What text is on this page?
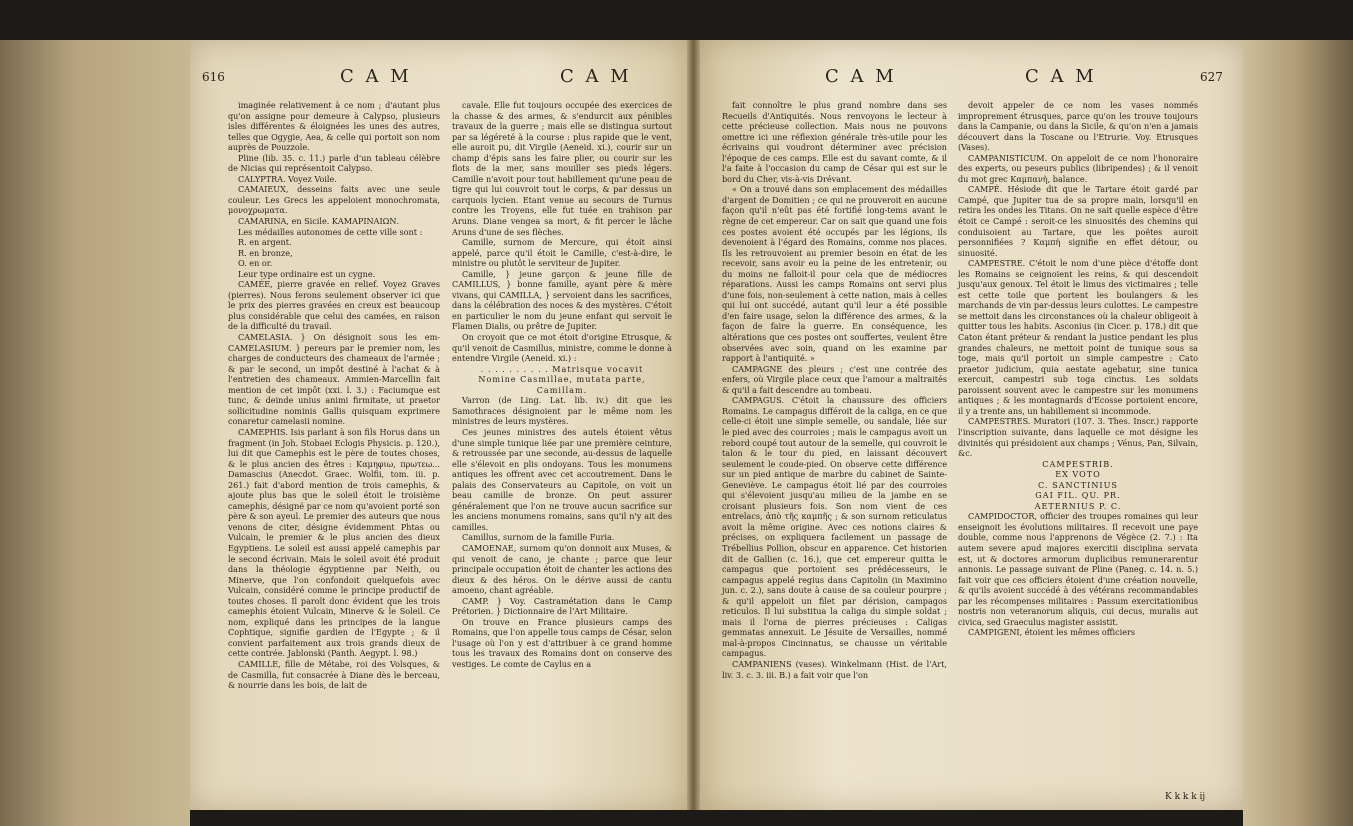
616	C A M	C A M

imaginée relativement à ce nom ; d'autant plus qu'on assigne pour demeure à Calypso, plusieurs isles différentes & éloignées les unes des autres, telles que Ogygie, Aea, & celle qui portoit son nom auprès de Pouzzole.

Pline (lib. 35. c. 11.) parle d'un tableau célèbre de Nicias qui représentoit Calypso.

CALYPTRA. Voyez Voile.

CAMAIEUX, desseins faits avec une seule couleur. Les Grecs les appeloient monochromata, μονοχρωματα.

CAMARINA, en Sicile. ΚΑΜΑΡΙΝΑΙΩΝ.

Les médailles autonomes de cette ville sont :

R. en argent.

R. en bronze,

O. en or.

Leur type ordinaire est un cygne.

CAMÉE, pierre gravée en relief. Voyez Graves (pierres). Nous ferons seulement observer ici que le prix des pierres gravées en creux est beaucoup plus considérable que celui des camées, en raison de la difficulté du travail.

CAMELASIA. } On désignoit sous les em-CAMELASIUM. } pereurs par le premier nom, les charges de conducteurs des chameaux de l'armée ; & par le second, un impôt destiné à l'achat & à l'entretien des chameaux. Ammien-Marcellin fait mention de cet impôt (xxi. l. 3.) : Faciumque est tunc, & deinde unius animi firmitate, ut praetor sollicitudine nominis Gallis quisquam exprimere conaretur camelasii nomine.

CAMEPHIS. Isis parlant à son fils Horus dans un fragment (in Joh. Stobaei Eclogis Physicis. p. 120.), lui dit que Camephis est le père de toutes choses, & le plus ancien des êtres : Καμηφιω, πρωτεω... Damascius (Anecdot. Graec. Wolfii, tom. iii. p. 261.) fait d'abord mention de trois camephis, & ajoute plus bas que le soleil étoit le troisième camephis, désigné par ce nom qu'avoient porté son père & son ayeul. Le premier des auteurs que nous venons de citer, désigne évidemment Phtas ou Vulcain, le premier & le plus ancien des dieux Egyptiens. Le soleil est aussi appelé camephis par le second écrivain. Mais le soleil avoit été produit dans la théologie égyptienne par Neith, ou Minerve, que l'on confondoit quelquefois avec Vulcain, considéré comme le principe productif de toutes choses. Il paroît donc évident que les trois camephis étoient Vulcain, Minerve & le Soleil. Ce nom, expliqué dans les principes de la langue Cophtique, signifie gardien de l'Egypte ; & il convient parfaitement aux trois grands dieux de cette contrée. Jablonski (Panth. Aegypt. l. 98.)

CAMILLE, fille de Métabe, roi des Volsques, & de Casmilla, fut consacrée à Diane dès le berceau, & nourrie dans les bois, de lait de

cavale. Elle fut toujours occupée des exercices de la chasse & des armes, & s'endurcit aux pénibles travaux de la guerre ; mais elle se distingua surtout par sa légéreté à la course : plus rapide que le vent, elle auroit pu, dit Virgile (Aeneid. xi.), courir sur un champ d'épis sans les faire plier, ou courir sur les flots de la mer, sans mouiller ses pieds légers. Camille n'avoit pour tout habillement qu'une peau de tigre qui lui couvroit tout le corps, & par dessus un carquois lycien. Etant venue au secours de Turnus contre les Troyens, elle fut tuée en trahison par Aruns. Diane vengea sa mort, & fit percer le lâche Aruns d'une de ses flèches.

Camille, surnom de Mercure, qui étoit ainsi appelé, parce qu'il étoit le Camille, c'est-à-dire, le ministre ou plutôt le serviteur de Jupiter.

Camille, } jeune garçon & jeune fille de CAMILLUS, } bonne famille, ayant père & mère vivans, qui CAMILLA, } servoient dans les sacrifices, dans la célébration des noces & des mystères. C'étoit en particulier le nom du jeune enfant qui servoit le Flamen Dialis, ou prêtre de Jupiter.

On croyoit que ce mot étoit d'origine Etrusque, & qu'il venoit de Casmillus, ministre, comme le donne à entendre Virgile (Aeneid. xi.) :

. . . . . . . . . . Matrisque vocavit

Nomine Casmillae, mutata parte, Camillam.

Varron (de Ling. Lat. lib. iv.) dit que les Samothraces désignoient par le même nom les ministres de leurs mystères.

Ces jeunes ministres des autels étoient vêtus d'une simple tunique liée par une première ceinture, & retroussée par une seconde, au-dessus de laquelle elle s'élevoit en plis ondoyans. Tous les monumens antiques les offrent avec cet accoutrement. Dans le palais des Conservateurs au Capitole, on voit un beau camille de bronze. On peut assurer généralement que l'on ne trouve aucun sacrifice sur les anciens monumens romains, sans qu'il n'y ait des camilles.

Camillus, surnom de la famille Furia.

CAMOENAE, surnom qu'on donnoit aux Muses, & qui venoit de cano, je chante ; parce que leur principale occupation étoit de chanter les actions des dieux & des héros. On le dérive aussi de cantu amoeno, chant agréable.

CAMP. } Voy. Castramétation dans le Camp Prétorien. } Dictionnaire de l'Art Militaire.

On trouve en France plusieurs camps des Romains, que l'on appelle tous camps de César, selon l'usage où l'on y est d'attribuer à ce grand homme tous les travaux des Romains dont on conserve des vestiges. Le comte de Caylus en a

C A M	C A M	627

fait connoître le plus grand nombre dans ses Recueils d'Antiquités. Nous renvoyons le lecteur à cette précieuse collection. Mais nous ne pouvons omettre ici une réflexion générale très-utile pour les écrivains qui voudront déterminer avec précision l'époque de ces camps. Elle est du savant comte, & il l'a faite à l'occasion du camp de César qui est sur le bord du Cher, vis-à-vis Drévant.

« On a trouvé dans son emplacement des médailles d'argent de Domitien ; ce qui ne prouveroit en aucune façon qu'il n'eût pas été fortifié long-tems avant le règne de cet empereur. Car on sait que quand une fois ces postes avoient été occupés par les légions, ils devenoient à l'égard des Romains, comme nos places. Ils les retrouvoient au premier besoin en état de les recevoir, sans avoir eu la peine de les entretenir, ou du moins ne falloit-il pour cela que de médiocres réparations. Aussi les camps Romains ont servi plus d'une fois, non-seulement à cette nation, mais à celles qui lui ont succédé, autant qu'il leur a été possible d'en faire usage, selon la différence des armes, & la façon de faire la guerre. En conséquence, les altérations que ces postes ont souffertes, veulent être observées avec soin, quand on les examine par rapport à l'antiquité. »

CAMPAGNE des pleurs ; c'est une contrée des enfers, où Virgile place ceux que l'amour a maltraités & qu'il a fait descendre au tombeau.

CAMPAGUS. C'étoit la chaussure des officiers Romains. Le campagus différoit de la caliga, en ce que celle-ci étoit une simple semelle, ou sandale, liée sur le pied avec des courroies ; mais le campagus avoit un rebord coupé tout autour de la semelle, qui couvroit le talon & le tour du pied, en laissant découvert seulement le coude-pied. On observe cette différence sur un pied antique de marbre du cabinet de Sainte-Geneviève. Le campagus étoit lié par des courroies qui s'élevoient jusqu'au milieu de la jambe en se croisant plusieurs fois. Son nom vient de ces entrelacs, ἀπὸ τῆς καμπῆς ; & son surnom reticulatus avoit la même origine. Avec ces notions claires & précises, on expliquera facilement un passage de Trébellius Pollion, obscur en apparence. Cet historien dit de Gallien (c. 16.), que cet empereur quitta le campagus que portoient ses prédécesseurs, le campagus appelé regius dans Capitolin (in Maximino jun. c. 2.), sans doute à cause de sa couleur pourpre ; & qu'il appeloit un filet par dérision, campagos reticulos. Il lui substitua la caliga du simple soldat ; mais il l'orna de pierres précieuses : Caligas gemmatas annexuit. Le Jésuite de Versailles, nommé mal-à-propos Cincinnatus, se chausse un véritable campagus.

CAMPANIENS (vases). Winkelmann (Hist. de l'Art, liv. 3. c. 3. iii. B.) a fait voir que l'on

devoit appeler de ce nom les vases nommés improprement étrusques, parce qu'on les trouve toujours dans la Campanie, ou dans la Sicile, & qu'on n'en a jamais découvert dans la Toscane ou l'Etrurie. Voy. Etrusques (Vases).

CAMPANISTICUM. On appeloit de ce nom l'honoraire des experts, ou peseurs publics (libripendes) ; & il venoit du mot grec Καμπανὴ, balance.

CAMPÉ. Hésiode dit que le Tartare étoit gardé par Campé, que Jupiter tua de sa propre main, lorsqu'il en retira les ondes les Titans. On ne sait quelle espèce d'être étoit ce Campé : seroit-ce les sinuosités des chemins qui conduisoient au Tartare, que les poëtes auroit personnifiées ? Καμπὴ signifie en effet détour, ou sinuosité.

CAMPESTRE. C'étoit le nom d'une pièce d'étoffe dont les Romains se ceignoient les reins, & qui descendoit jusqu'aux genoux. Tel étoit le limus des victimaires ; telle est cette toile que portent les boulangers & les marchands de vin par-dessus leurs culottes. Le campestre se mettoit dans les circonstances où la chaleur obligeoit à quitter tous les habits. Asconius (in Cicer. p. 178.) dit que Caton étant préteur & rendant la justice pendant les plus grandes chaleurs, ne mettoit point de tunique sous sa toge, mais qu'il portoit un simple campestre : Cato praetor judicium, quia aestate agebatur, sine tunica exercuit, campestri sub toga cinctus. Les soldats paroissent souvent avec le campestre sur les monumens antiques ; & les montagnards d'Ecosse portoient encore, il y a trente ans, un habillement si incommode.

CAMPESTRES. Muratori (107. 3. Thes. Inscr.) rapporte l'inscription suivante, dans laquelle ce mot désigne les divinités qui présidoient aux champs ; Vénus, Pan, Silvain, &c.

CAMPESTRIB.

EX VOTO

C. SANCTINIUS

GAI FIL. QU. PR.

AETERNIUS P. C.

CAMPIDOCTOR, officier des troupes romaines qui leur enseignoit les évolutions militaires. Il recevoit une paye double, comme nous l'apprenons de Végèce (2. 7.) : Ita autem severe apud majores exercitii disciplina servata est, ut & doctores armorum duplicibus remunerarentur annonis. Le passage suivant de Pline (Paneg. c. 14. n. 5.) fait voir que ces officiers étoient d'une création nouvelle, & qu'ils avoient succédé à des vétérans recommandables par les récompenses militaires : Passum exercitationibus nostris non veteranorum aliquis, cui decus, muralis aut civica, sed Graeculus magister assistit.

CAMPIGENI, étoient les mêmes officiers

K k k k ij
